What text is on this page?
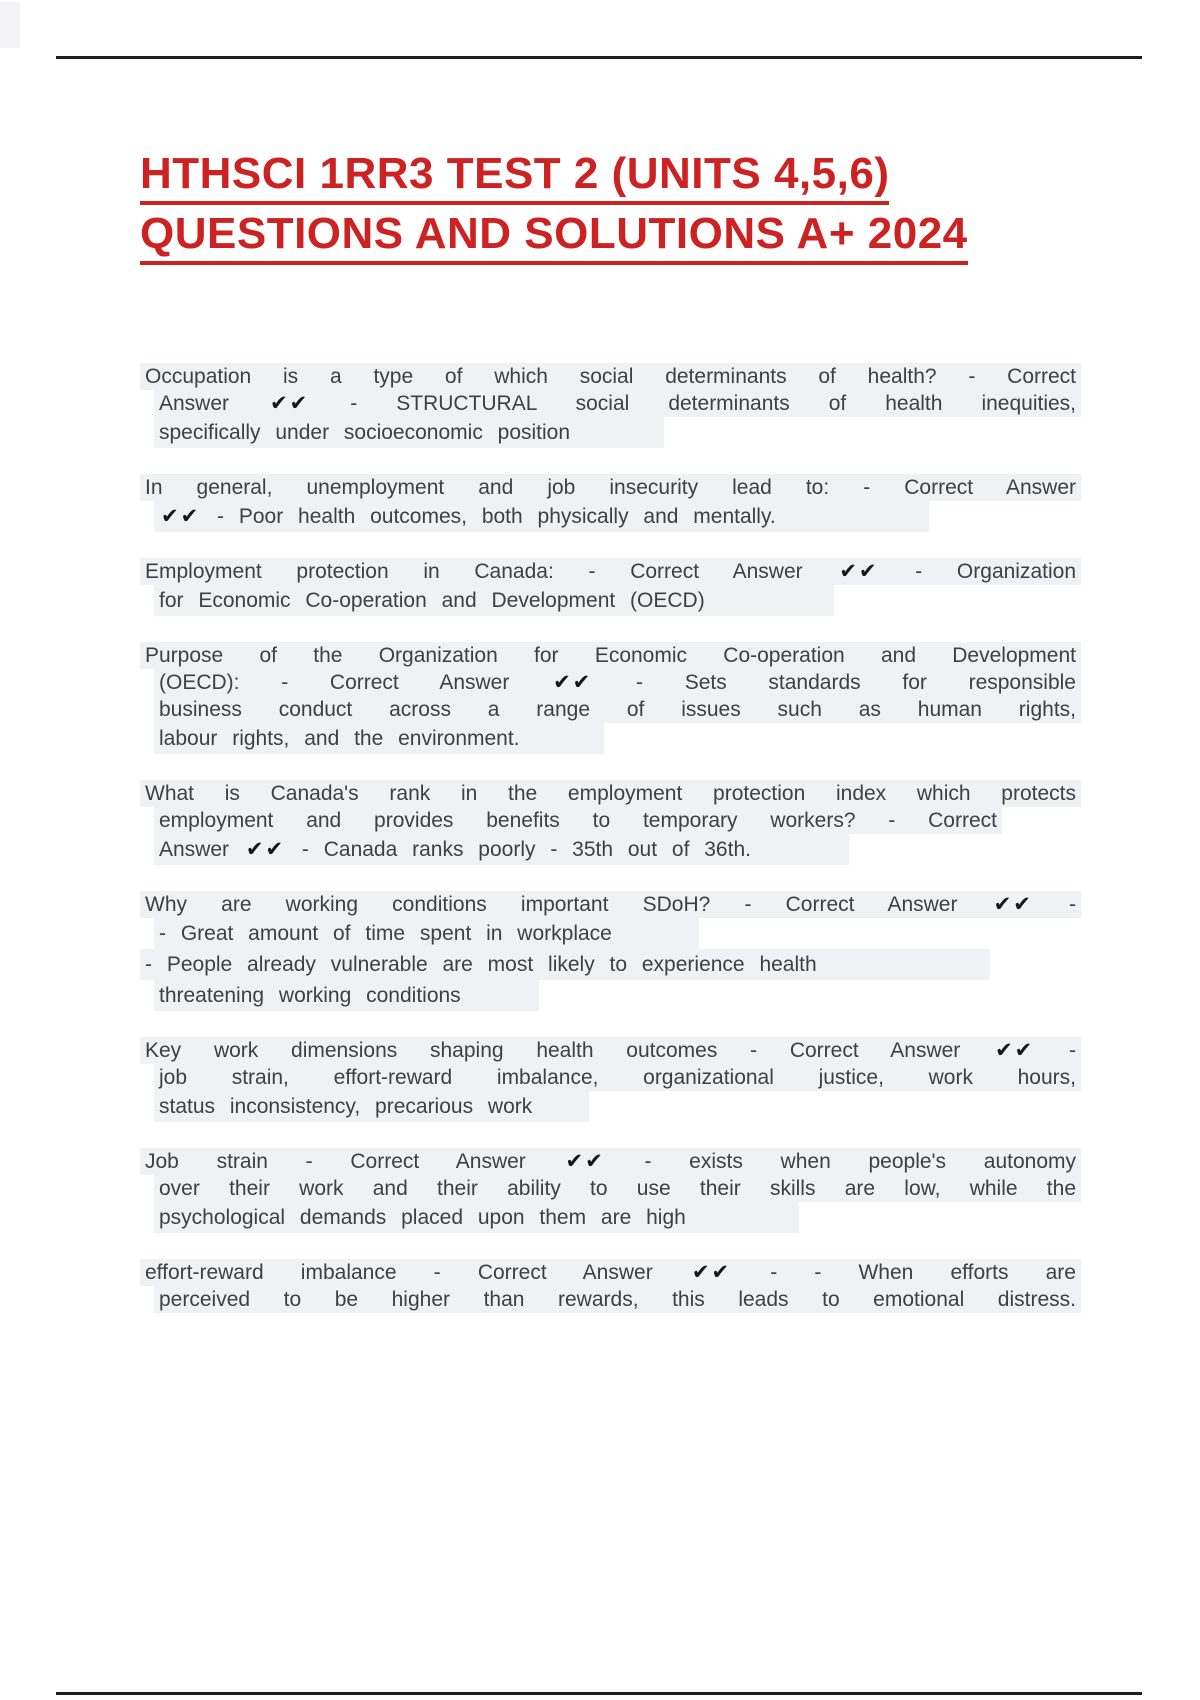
HTHSCI 1RR3 TEST 2 (UNITS 4,5,6)
QUESTIONS AND SOLUTIONS A+ 2024
Occupation is a type of which social determinants of health? - Correct
Answer ✔✔ - STRUCTURAL social determinants of health inequities,
specifically under socioeconomic position
In general, unemployment and job insecurity lead to: - Correct Answer
✔✔ - Poor health outcomes, both physically and mentally.
Employment protection in Canada: - Correct Answer ✔✔ - Organization
for Economic Co-operation and Development (OECD)
Purpose of the Organization for Economic Co-operation and Development
(OECD): - Correct Answer ✔✔ - Sets standards for responsible
business conduct across a range of issues such as human rights,
labour rights, and the environment.
What is Canada's rank in the employment protection index which protects
employment and provides benefits to temporary workers? - Correct
Answer ✔✔ - Canada ranks poorly - 35th out of 36th.
Why are working conditions important SDoH? - Correct Answer ✔✔ -
- Great amount of time spent in workplace
- People already vulnerable are most likely to experience health
threatening working conditions
Key work dimensions shaping health outcomes - Correct Answer ✔✔ -
job strain, effort-reward imbalance, organizational justice, work hours,
status inconsistency, precarious work
Job strain - Correct Answer ✔✔ - exists when people's autonomy
over their work and their ability to use their skills are low, while the
psychological demands placed upon them are high
effort-reward imbalance - Correct Answer ✔✔ - - When efforts are
perceived to be higher than rewards, this leads to emotional distress.
